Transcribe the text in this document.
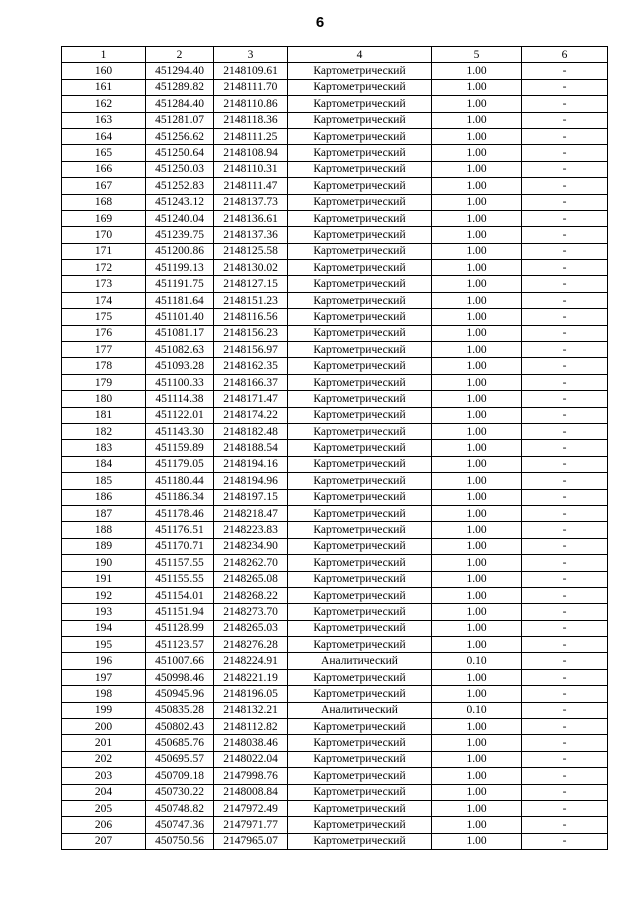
6
1	2	3	4	5	6
160	451294.40	2148109.61	Картометрический	1.00	-
161	451289.82	2148111.70	Картометрический	1.00	-
162	451284.40	2148110.86	Картометрический	1.00	-
163	451281.07	2148118.36	Картометрический	1.00	-
164	451256.62	2148111.25	Картометрический	1.00	-
165	451250.64	2148108.94	Картометрический	1.00	-
166	451250.03	2148110.31	Картометрический	1.00	-
167	451252.83	2148111.47	Картометрический	1.00	-
168	451243.12	2148137.73	Картометрический	1.00	-
169	451240.04	2148136.61	Картометрический	1.00	-
170	451239.75	2148137.36	Картометрический	1.00	-
171	451200.86	2148125.58	Картометрический	1.00	-
172	451199.13	2148130.02	Картометрический	1.00	-
173	451191.75	2148127.15	Картометрический	1.00	-
174	451181.64	2148151.23	Картометрический	1.00	-
175	451101.40	2148116.56	Картометрический	1.00	-
176	451081.17	2148156.23	Картометрический	1.00	-
177	451082.63	2148156.97	Картометрический	1.00	-
178	451093.28	2148162.35	Картометрический	1.00	-
179	451100.33	2148166.37	Картометрический	1.00	-
180	451114.38	2148171.47	Картометрический	1.00	-
181	451122.01	2148174.22	Картометрический	1.00	-
182	451143.30	2148182.48	Картометрический	1.00	-
183	451159.89	2148188.54	Картометрический	1.00	-
184	451179.05	2148194.16	Картометрический	1.00	-
185	451180.44	2148194.96	Картометрический	1.00	-
186	451186.34	2148197.15	Картометрический	1.00	-
187	451178.46	2148218.47	Картометрический	1.00	-
188	451176.51	2148223.83	Картометрический	1.00	-
189	451170.71	2148234.90	Картометрический	1.00	-
190	451157.55	2148262.70	Картометрический	1.00	-
191	451155.55	2148265.08	Картометрический	1.00	-
192	451154.01	2148268.22	Картометрический	1.00	-
193	451151.94	2148273.70	Картометрический	1.00	-
194	451128.99	2148265.03	Картометрический	1.00	-
195	451123.57	2148276.28	Картометрический	1.00	-
196	451007.66	2148224.91	Аналитический	0.10	-
197	450998.46	2148221.19	Картометрический	1.00	-
198	450945.96	2148196.05	Картометрический	1.00	-
199	450835.28	2148132.21	Аналитический	0.10	-
200	450802.43	2148112.82	Картометрический	1.00	-
201	450685.76	2148038.46	Картометрический	1.00	-
202	450695.57	2148022.04	Картометрический	1.00	-
203	450709.18	2147998.76	Картометрический	1.00	-
204	450730.22	2148008.84	Картометрический	1.00	-
205	450748.82	2147972.49	Картометрический	1.00	-
206	450747.36	2147971.77	Картометрический	1.00	-
207	450750.56	2147965.07	Картометрический	1.00	-
